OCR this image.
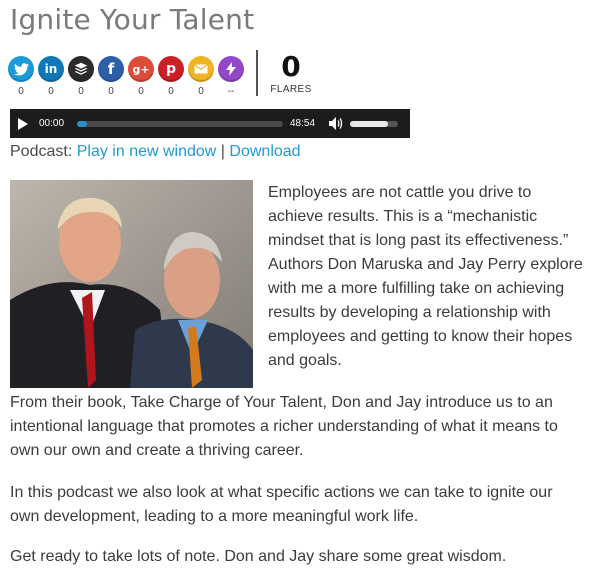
Ignite Your Talent
0
in
0	0
f
0
g+
0
p
0	0	--
0
FLARES
00:00	48:54
Podcast: Play in new window | Download

Employees are not cattle you drive to achieve results. This is a “mechanistic mindset that is long past its effectiveness.” Authors Don Maruska and Jay Perry explore with me a more fulfilling take on achieving results by developing a relationship with employees and getting to know their hopes and goals.

From their book, Take Charge of Your Talent, Don and Jay introduce us to an intentional language that promotes a richer understanding of what it means to own our own and create a thriving career.

In this podcast we also look at what specific actions we can take to ignite our own development, leading to a more meaningful work life.

Get ready to take lots of note. Don and Jay share some great wisdom.
